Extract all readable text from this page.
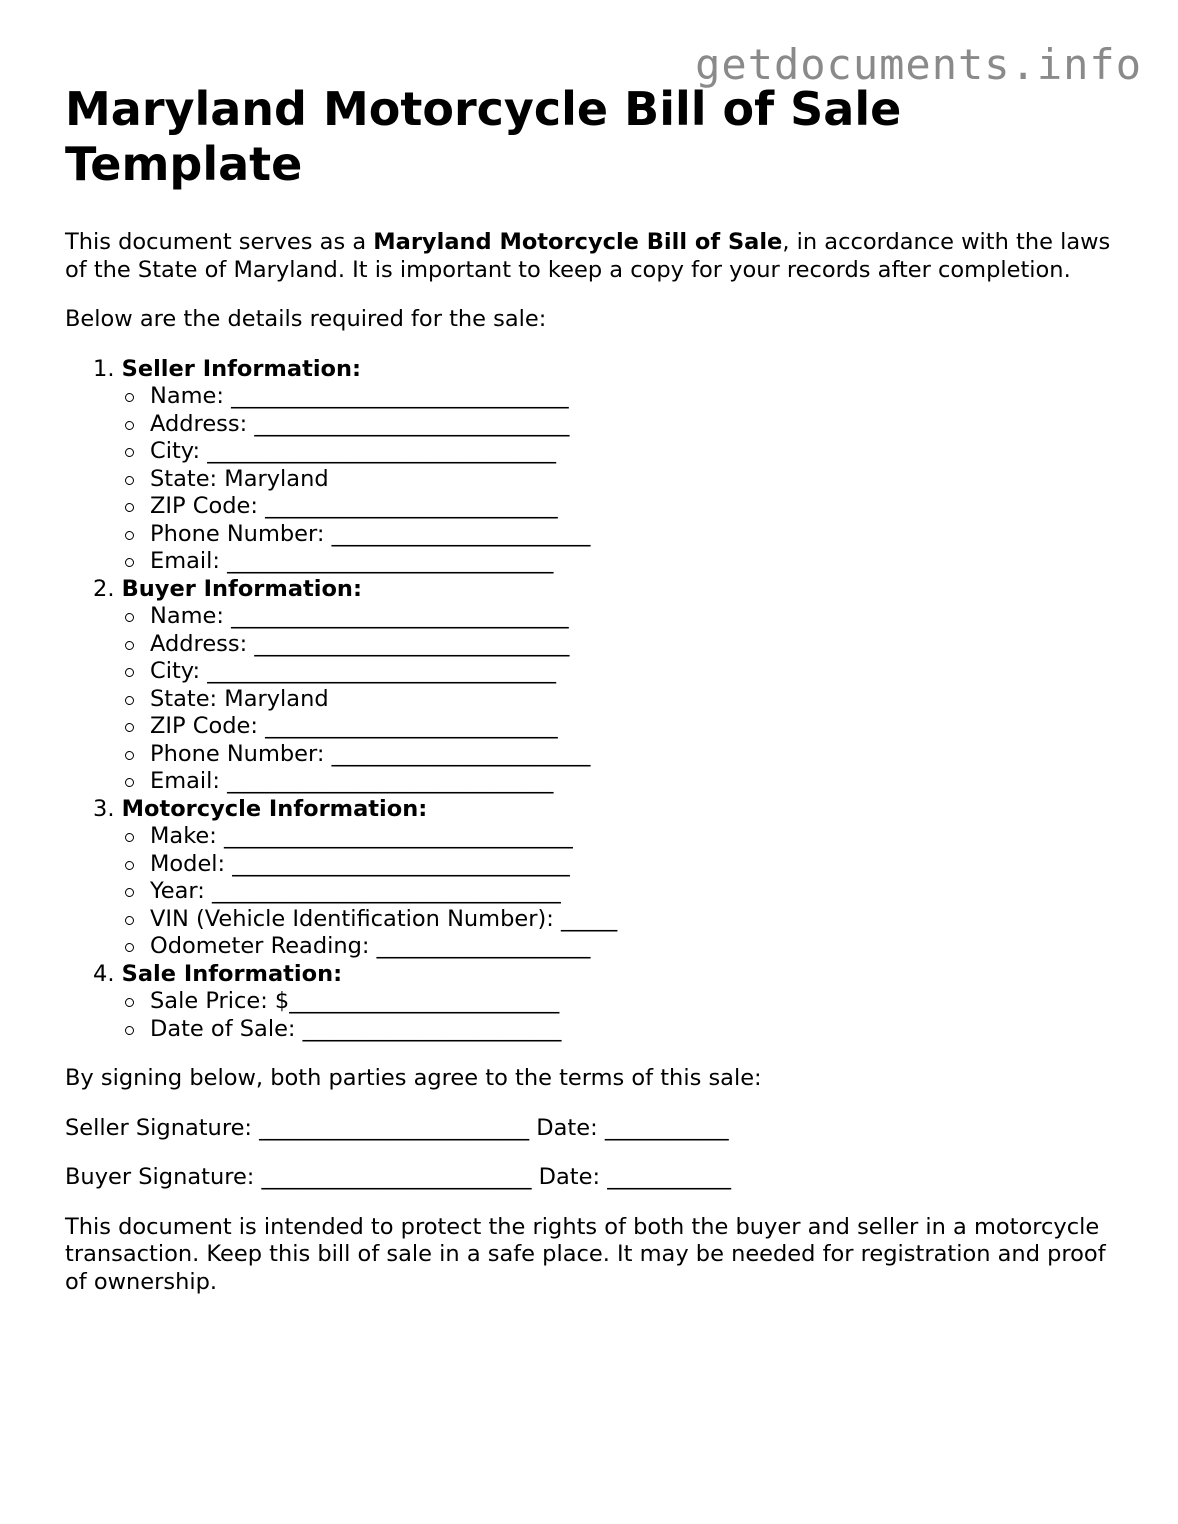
getdocuments.info
Maryland Motorcycle Bill of Sale Template

This document serves as a Maryland Motorcycle Bill of Sale, in accordance with the laws of the State of Maryland. It is important to keep a copy for your records after completion.

Below are the details required for the sale:

1. Seller Information:
Name: ______________________________
Address: ____________________________
City: _______________________________
State: Maryland
ZIP Code: __________________________
Phone Number: _______________________
Email: _____________________________
2. Buyer Information:
Name: ______________________________
Address: ____________________________
City: _______________________________
State: Maryland
ZIP Code: __________________________
Phone Number: _______________________
Email: _____________________________
3. Motorcycle Information:
Make: _______________________________
Model: ______________________________
Year: _______________________________
VIN (Vehicle Identification Number): _____
Odometer Reading: ___________________
4. Sale Information:
Sale Price: $________________________
Date of Sale: _______________________

By signing below, both parties agree to the terms of this sale:

Seller Signature: ________________________ Date: ___________

Buyer Signature: ________________________ Date: ___________

This document is intended to protect the rights of both the buyer and seller in a motorcycle transaction. Keep this bill of sale in a safe place. It may be needed for registration and proof of ownership.
